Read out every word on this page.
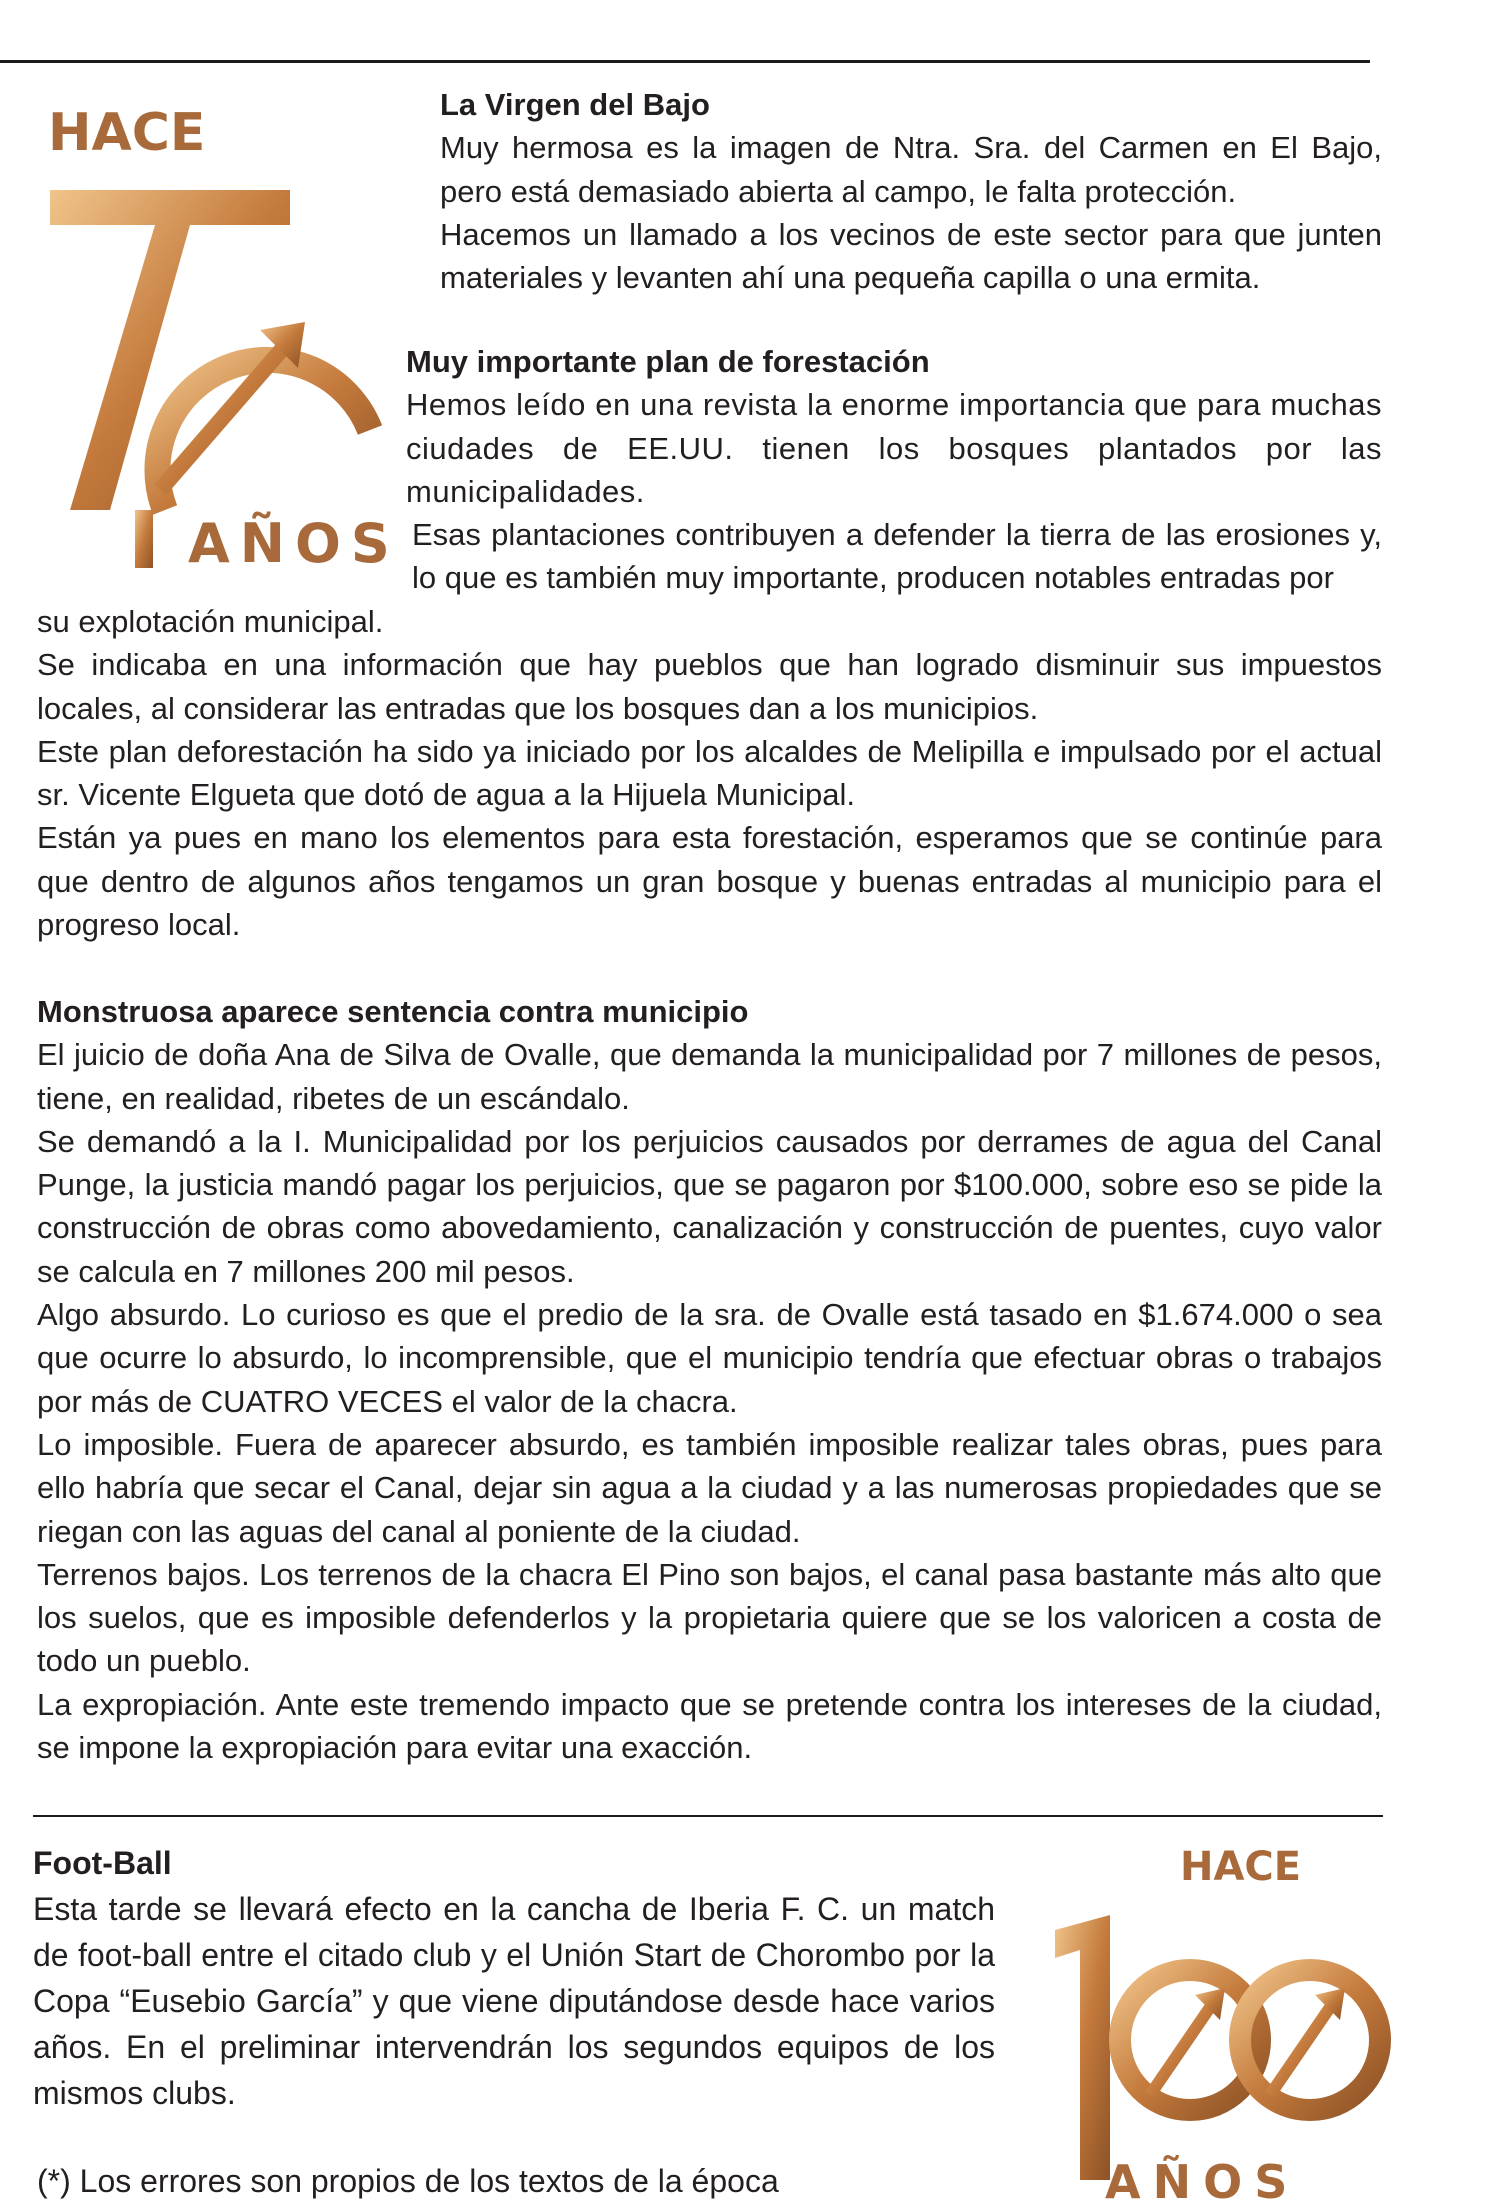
HACE
AÑOS

La Virgen del Bajo

Muy hermosa es la imagen de Ntra. Sra. del Carmen en El Bajo, pero está demasiado abierta al campo, le falta protección.

Hacemos un llamado a los vecinos de este sector para que junten materiales y levanten ahí una pequeña capilla o una ermita.

Muy importante plan de forestación

Hemos leído en una revista la enorme importancia que para muchas ciudades de EE.UU. tienen los bosques plantados por las municipalidades.

Esas plantaciones contribuyen a defender la tierra de las erosiones y, lo que es también muy importante, producen notables entradas por

su explotación municipal.

Se indicaba en una información que hay pueblos que han logrado disminuir sus impuestos locales, al considerar las entradas que los bosques dan a los municipios.

Este plan deforestación ha sido ya iniciado por los alcaldes de Melipilla e impulsado por el actual sr. Vicente Elgueta que dotó de agua a la Hijuela Municipal.

Están ya pues en mano los elementos para esta forestación, esperamos que se continúe para que dentro de algunos años tengamos un gran bosque y buenas entradas al municipio para el progreso local.

Monstruosa aparece sentencia contra municipio

El juicio de doña Ana de Silva de Ovalle, que demanda la municipalidad por 7 millones de pesos, tiene, en realidad, ribetes de un escándalo.

Se demandó a la I. Municipalidad por los perjuicios causados por derrames de agua del Canal Punge, la justicia mandó pagar los perjuicios, que se pagaron por $100.000, sobre eso se pide la construcción de obras como abovedamiento, canalización y construcción de puentes, cuyo valor se calcula en 7 millones 200 mil pesos.

Algo absurdo. Lo curioso es que el predio de la sra. de Ovalle está tasado en $1.674.000 o sea que ocurre lo absurdo, lo incomprensible, que el municipio tendría que efectuar obras o trabajos por más de CUATRO VECES el valor de la chacra.

Lo imposible. Fuera de aparecer absurdo, es también imposible realizar tales obras, pues para ello habría que secar el Canal, dejar sin agua a la ciudad y a las numerosas propiedades que se riegan con las aguas del canal al poniente de la ciudad.

Terrenos bajos. Los terrenos de la chacra El Pino son bajos, el canal pasa bastante más alto que los suelos, que es imposible defenderlos y la propietaria quiere que se los valoricen a costa de todo un pueblo.

La expropiación. Ante este tremendo impacto que se pretende contra los intereses de la ciudad, se impone la expropiación para evitar una exacción.

Foot-Ball

Esta tarde se llevará efecto en la cancha de Iberia F. C. un match de foot-ball entre el citado club y el Unión Start de Chorombo por la Copa “Eusebio García” y que viene diputándose desde hace varios años. En el preliminar intervendrán los segundos equipos de los mismos clubs.

(*) Los errores son propios de los textos de la época

HACE
AÑOS
